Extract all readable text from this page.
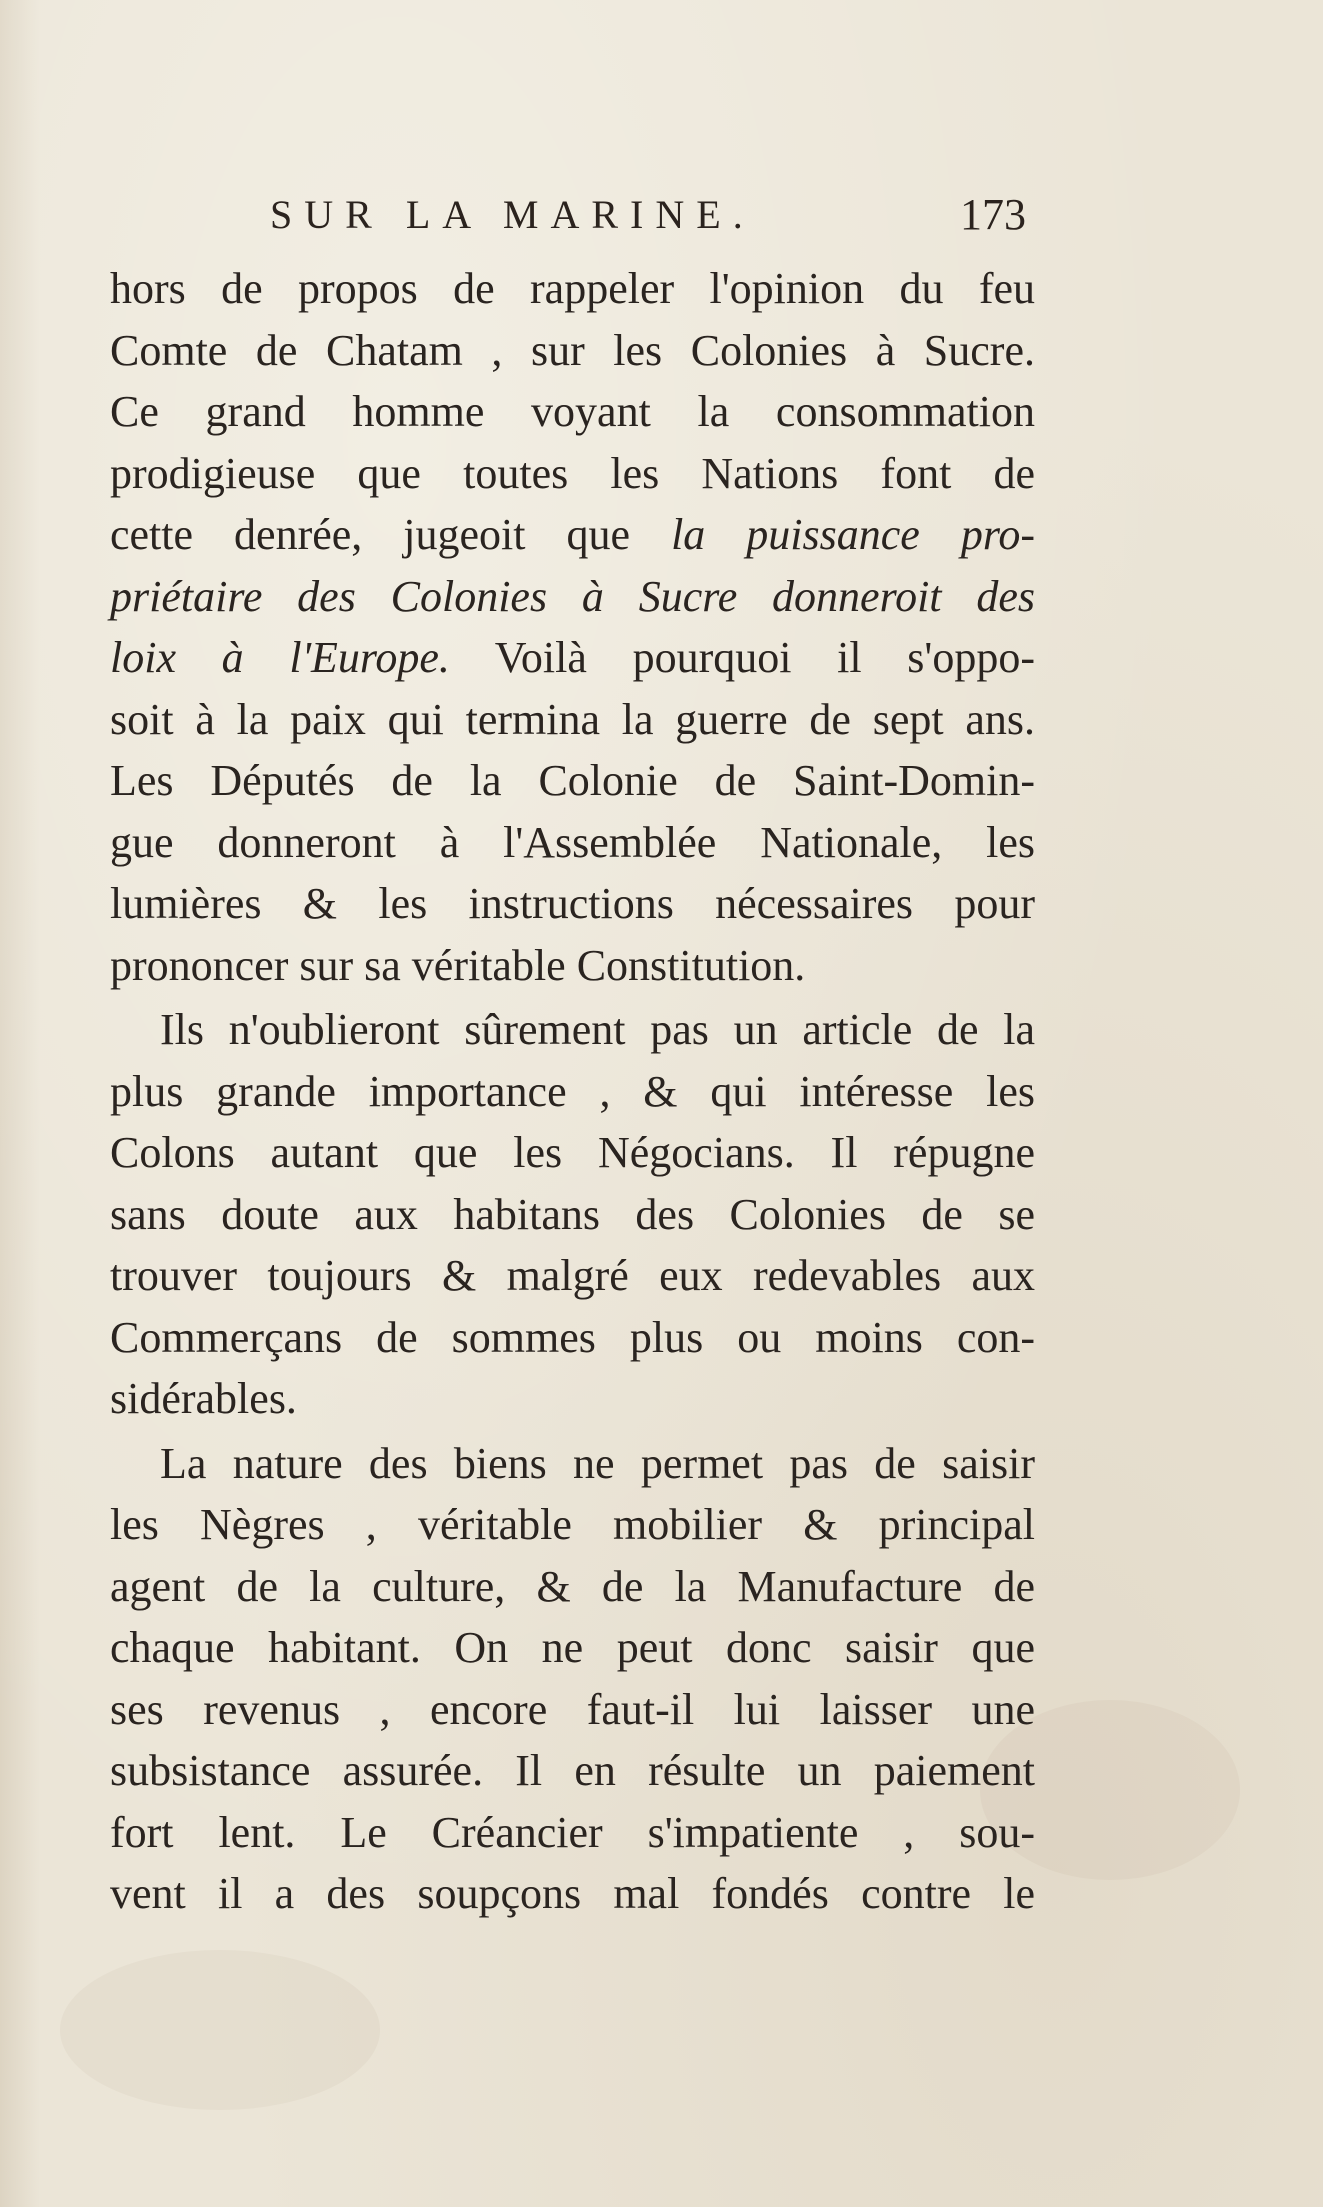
SUR LA MARINE.	173
hors de propos de rappeler l'opinion du feu
Comte de Chatam , sur les Colonies à Sucre.
Ce grand homme voyant la consommation
prodigieuse que toutes les Nations font de
cette denrée, jugeoit que la puissance pro-
priétaire des Colonies à Sucre donneroit des
loix à l'Europe. Voilà pourquoi il s'oppo-
soit à la paix qui termina la guerre de sept ans.
Les Députés de la Colonie de Saint-Domin-
gue donneront à l'Assemblée Nationale, les
lumières & les instructions nécessaires pour
prononcer sur sa véritable Constitution.
Ils n'oublieront sûrement pas un article de la
plus grande importance , & qui intéresse les
Colons autant que les Négocians. Il répugne
sans doute aux habitans des Colonies de se
trouver toujours & malgré eux redevables aux
Commerçans de sommes plus ou moins con-
sidérables.
La nature des biens ne permet pas de saisir
les Nègres , véritable mobilier & principal
agent de la culture, & de la Manufacture de
chaque habitant. On ne peut donc saisir que
ses revenus , encore faut-il lui laisser une
subsistance assurée. Il en résulte un paiement
fort lent. Le Créancier s'impatiente , sou-
vent il a des soupçons mal fondés contre le
